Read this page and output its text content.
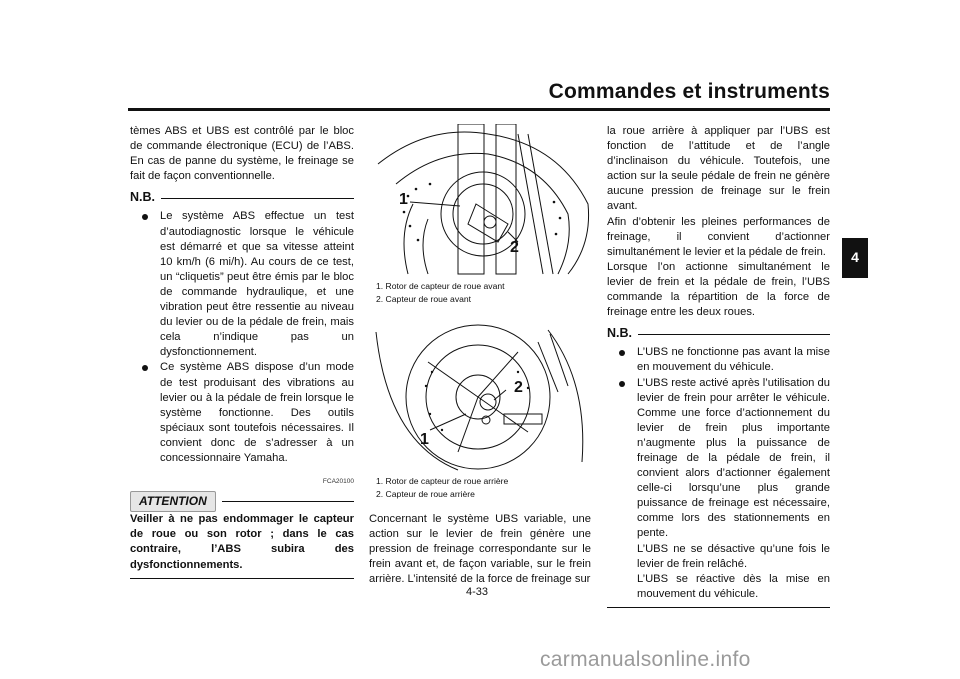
Commandes et instruments
4

tèmes ABS et UBS est contrôlé par le bloc de commande électronique (ECU) de l’ABS. En cas de panne du système, le freinage se fait de façon conventionnelle.

N.B.
Le système ABS effectue un test d’autodiagnostic lorsque le véhicule est démarré et que sa vitesse atteint 10 km/h (6 mi/h). Au cours de ce test, un “cliquetis” peut être émis par le bloc de commande hydraulique, et une vibration peut être ressentie au niveau du levier ou de la pédale de frein, mais cela n’indique pas un dysfonctionnement.
Ce système ABS dispose d’un mode de test produisant des vibrations au levier ou à la pédale de frein lorsque le système fonctionne. Des outils spéciaux sont toutefois nécessaires. Il convient donc de s’adresser à un concessionnaire Yamaha.
FCA20100
ATTENTION

Veiller à ne pas endommager le capteur de roue ou son rotor ; dans le cas contraire, l’ABS subira des dysfonctionnements.

1
2
1. Rotor de capteur de roue avant
2. Capteur de roue avant
2
1
1. Rotor de capteur de roue arrière
2. Capteur de roue arrière

Concernant le système UBS variable, une action sur le levier de frein génère une pression de freinage correspondante sur le frein avant et, de façon variable, sur le frein arrière. L’intensité de la force de freinage sur

la roue arrière à appliquer par l’UBS est fonction de l’attitude et de l’angle d’inclinaison du véhicule. Toutefois, une action sur la seule pédale de frein ne génère aucune pression de freinage sur le frein avant.

Afin d’obtenir les pleines performances de freinage, il convient d’actionner simultanément le levier et la pédale de frein.

Lorsque l’on actionne simultanément le levier de frein et la pédale de frein, l’UBS commande la répartition de la force de freinage entre les deux roues.

N.B.
L’UBS ne fonctionne pas avant la mise en mouvement du véhicule.
L’UBS reste activé après l’utilisation du levier de frein pour arrêter le véhicule. Comme une force d’actionnement du levier de frein plus importante n’augmente plus la puissance de freinage de la pédale de frein, il convient alors d’actionner également celle-ci lorsqu’une plus grande puissance de freinage est nécessaire, comme lors des stationnements en pente.
L’UBS ne se désactive qu’une fois le levier de frein relâché.
L’UBS se réactive dès la mise en mouvement du véhicule.
4-33
carmanualsonline.info
